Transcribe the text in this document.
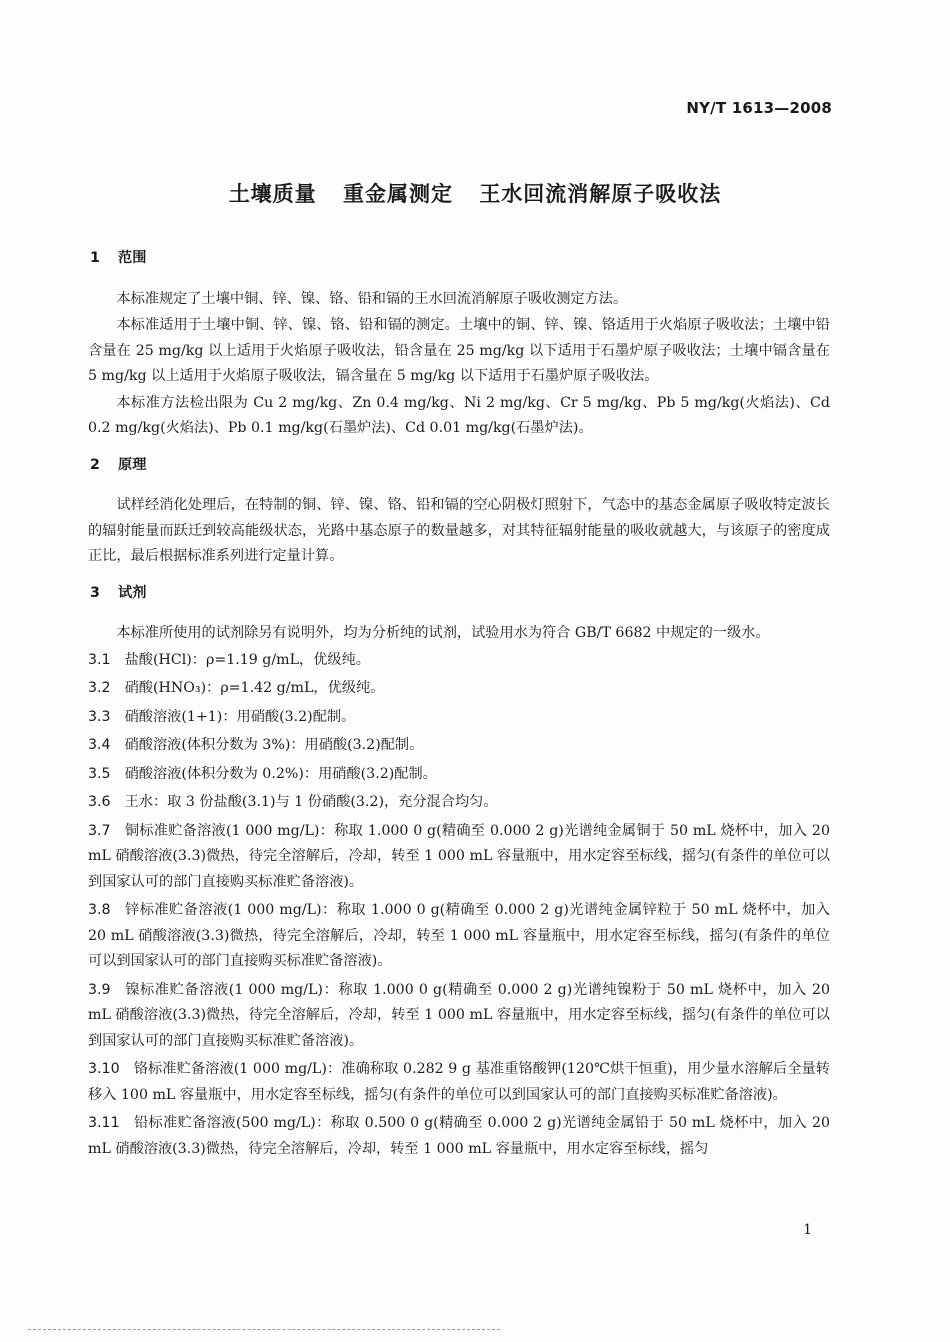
NY/T 1613—2008
土壤质量 重金属测定 王水回流消解原子吸收法
1 范围

本标准规定了土壤中铜、锌、镍、铬、铅和镉的王水回流消解原子吸收测定方法。

本标准适用于土壤中铜、锌、镍、铬、铅和镉的测定。土壤中的铜、锌、镍、铬适用于火焰原子吸收法；土壤中铅含量在 25 mg/kg 以上适用于火焰原子吸收法，铅含量在 25 mg/kg 以下适用于石墨炉原子吸收法；土壤中镉含量在 5 mg/kg 以上适用于火焰原子吸收法，镉含量在 5 mg/kg 以下适用于石墨炉原子吸收法。

本标准方法检出限为 Cu 2 mg/kg、Zn 0.4 mg/kg、Ni 2 mg/kg、Cr 5 mg/kg、Pb 5 mg/kg(火焰法)、Cd 0.2 mg/kg(火焰法)、Pb 0.1 mg/kg(石墨炉法)、Cd 0.01 mg/kg(石墨炉法)。

2 原理

试样经消化处理后，在特制的铜、锌、镍、铬、铅和镉的空心阴极灯照射下，气态中的基态金属原子吸收特定波长的辐射能量而跃迁到较高能级状态，光路中基态原子的数量越多，对其特征辐射能量的吸收就越大，与该原子的密度成正比，最后根据标准系列进行定量计算。

3 试剂

本标准所使用的试剂除另有说明外，均为分析纯的试剂，试验用水为符合 GB/T 6682 中规定的一级水。

3.1 盐酸(HCl)：ρ=1.19 g/mL，优级纯。
3.2 硝酸(HNO₃)：ρ=1.42 g/mL，优级纯。
3.3 硝酸溶液(1+1)：用硝酸(3.2)配制。
3.4 硝酸溶液(体积分数为 3%)：用硝酸(3.2)配制。
3.5 硝酸溶液(体积分数为 0.2%)：用硝酸(3.2)配制。
3.6 王水：取 3 份盐酸(3.1)与 1 份硝酸(3.2)，充分混合均匀。
3.7 铜标准贮备溶液(1 000 mg/L)：称取 1.000 0 g(精确至 0.000 2 g)光谱纯金属铜于 50 mL 烧杯中，加入 20 mL 硝酸溶液(3.3)微热，待完全溶解后，冷却，转至 1 000 mL 容量瓶中，用水定容至标线，摇匀(有条件的单位可以到国家认可的部门直接购买标准贮备溶液)。
3.8 锌标准贮备溶液(1 000 mg/L)：称取 1.000 0 g(精确至 0.000 2 g)光谱纯金属锌粒于 50 mL 烧杯中，加入 20 mL 硝酸溶液(3.3)微热，待完全溶解后，冷却，转至 1 000 mL 容量瓶中，用水定容至标线，摇匀(有条件的单位可以到国家认可的部门直接购买标准贮备溶液)。
3.9 镍标准贮备溶液(1 000 mg/L)：称取 1.000 0 g(精确至 0.000 2 g)光谱纯镍粉于 50 mL 烧杯中，加入 20 mL 硝酸溶液(3.3)微热，待完全溶解后，冷却，转至 1 000 mL 容量瓶中，用水定容至标线，摇匀(有条件的单位可以到国家认可的部门直接购买标准贮备溶液)。
3.10 铬标准贮备溶液(1 000 mg/L)：准确称取 0.282 9 g 基准重铬酸钾(120℃烘干恒重)，用少量水溶解后全量转移入 100 mL 容量瓶中，用水定容至标线，摇匀(有条件的单位可以到国家认可的部门直接购买标准贮备溶液)。
3.11 铅标准贮备溶液(500 mg/L)：称取 0.500 0 g(精确至 0.000 2 g)光谱纯金属铅于 50 mL 烧杯中，加入 20 mL 硝酸溶液(3.3)微热，待完全溶解后，冷却，转至 1 000 mL 容量瓶中，用水定容至标线，摇匀
1
